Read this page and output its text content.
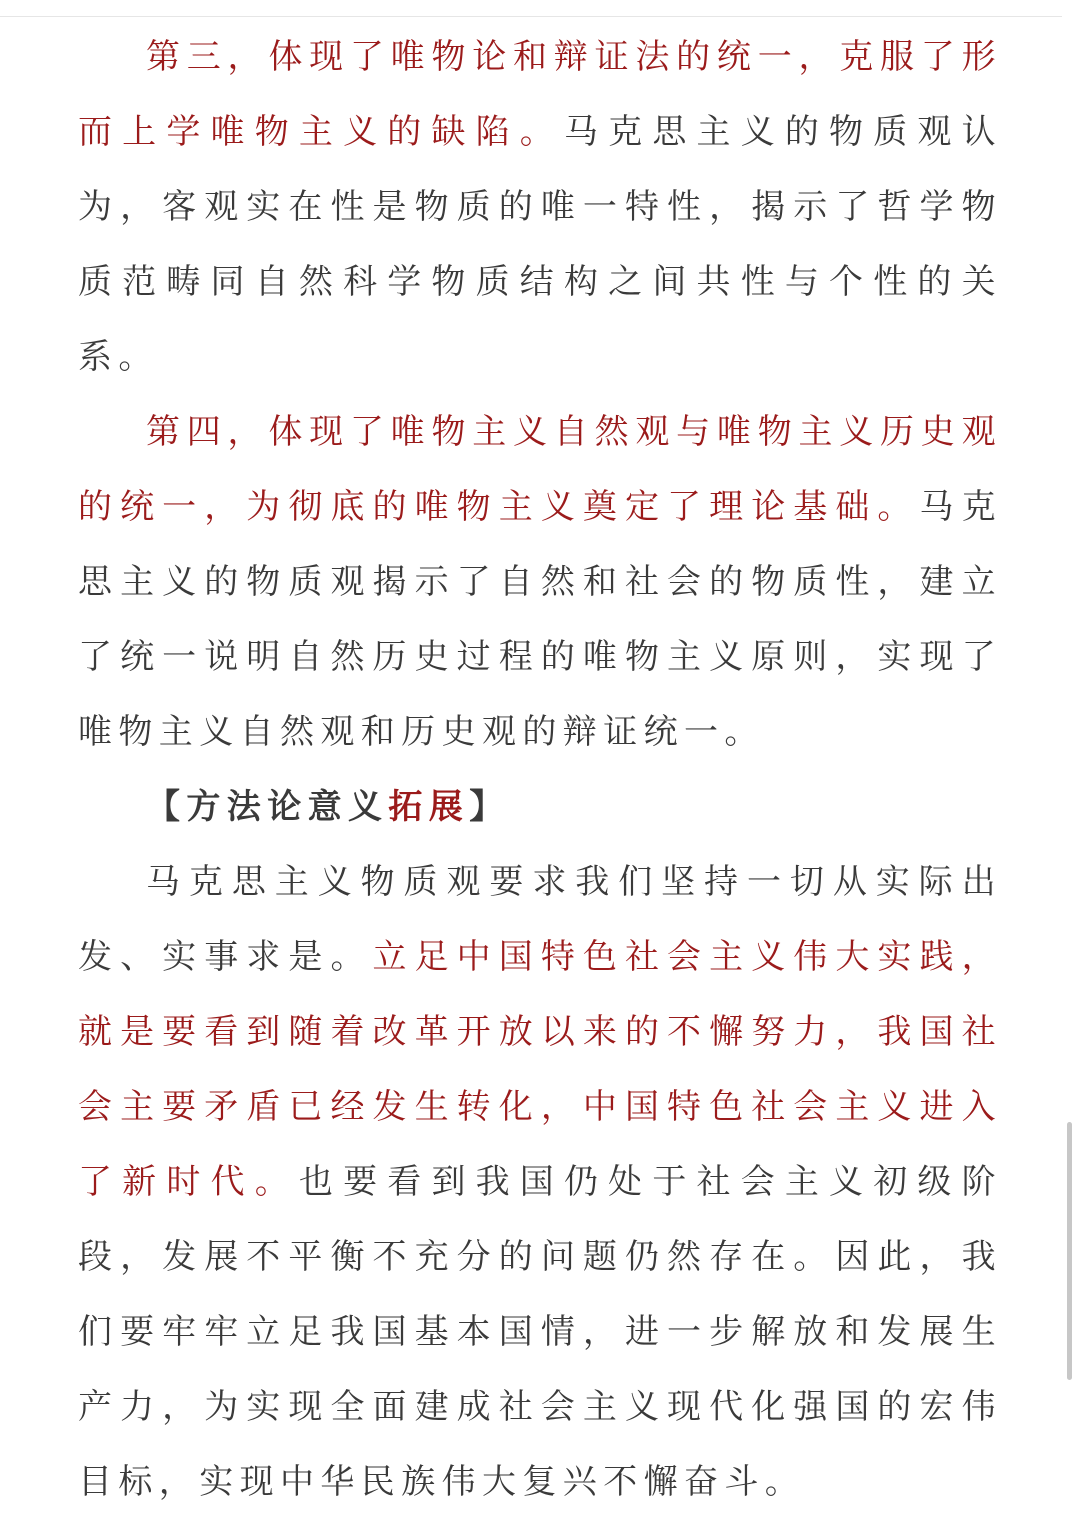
第三，体现了唯物论和辩证法的统一，克服了形而上学唯物主义的缺陷。马克思主义的物质观认为，客观实在性是物质的唯一特性，揭示了哲学物质范畴同自然科学物质结构之间共性与个性的关系。

第四，体现了唯物主义自然观与唯物主义历史观的统一，为彻底的唯物主义奠定了理论基础。马克思主义的物质观揭示了自然和社会的物质性，建立了统一说明自然历史过程的唯物主义原则，实现了唯物主义自然观和历史观的辩证统一。

【方法论意义拓展】

马克思主义物质观要求我们坚持一切从实际出发、实事求是。立足中国特色社会主义伟大实践，就是要看到随着改革开放以来的不懈努力，我国社会主要矛盾已经发生转化，中国特色社会主义进入了新时代。也要看到我国仍处于社会主义初级阶段，发展不平衡不充分的问题仍然存在。因此，我们要牢牢立足我国基本国情，进一步解放和发展生产力，为实现全面建成社会主义现代化强国的宏伟目标，实现中华民族伟大复兴不懈奋斗。
